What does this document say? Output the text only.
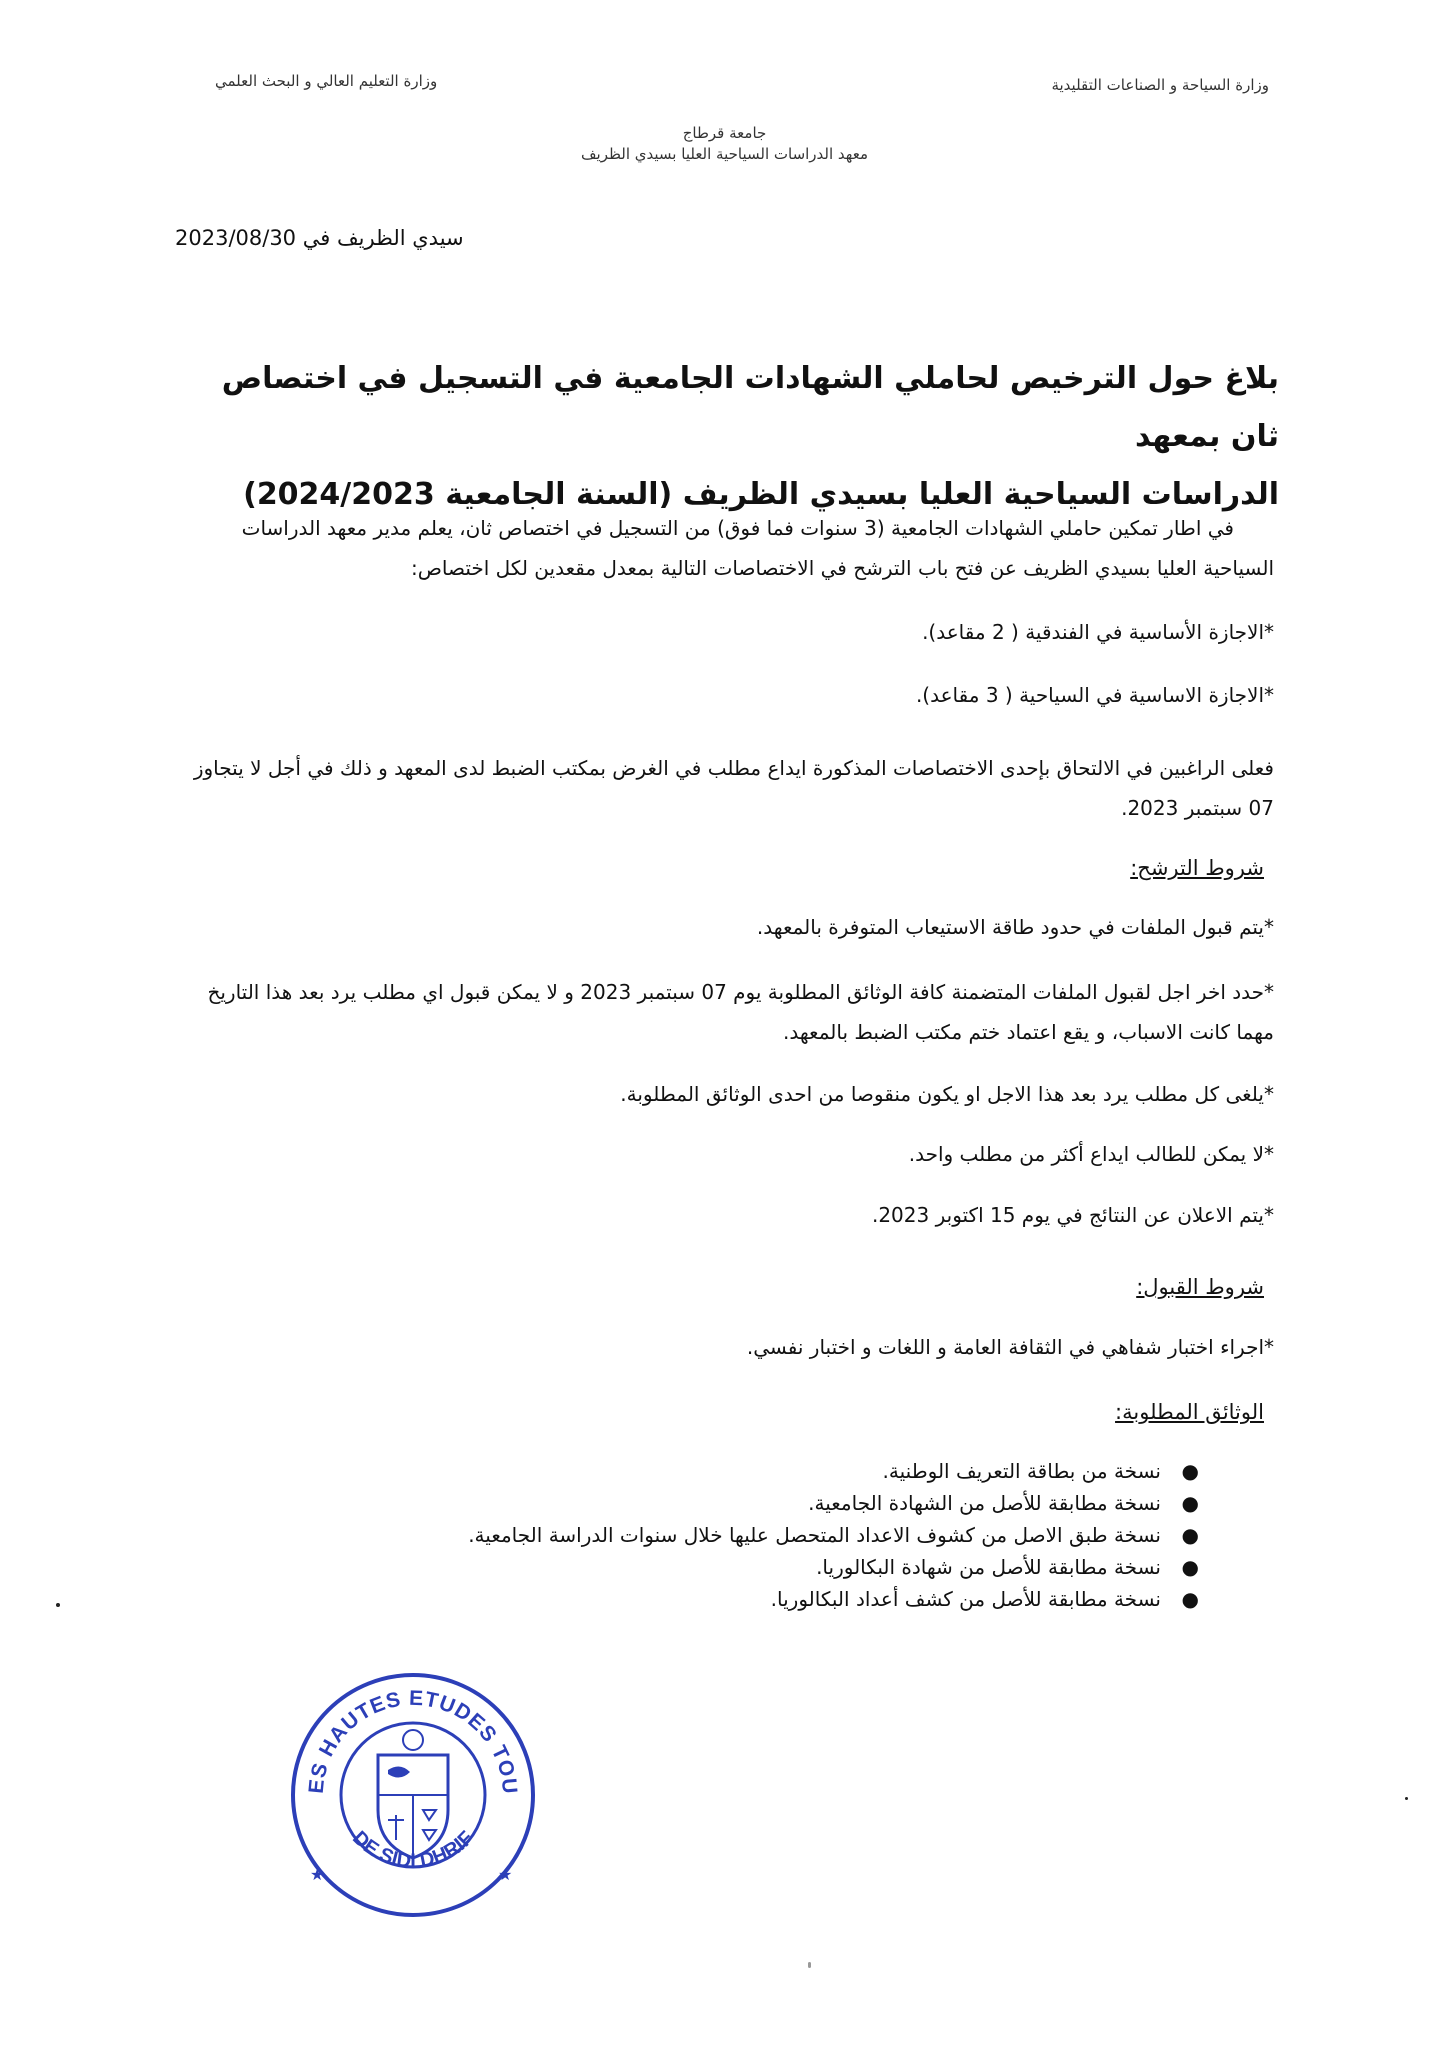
وزارة السياحة و الصناعات التقليدية
وزارة التعليم العالي و البحث العلمي
جامعة قرطاج
معهد الدراسات السياحية العليا بسيدي الظريف
سيدي الظريف في 2023/08/30
بلاغ حول الترخيص لحاملي الشهادات الجامعية في التسجيل في اختصاص ثان بمعهد
الدراسات السياحية العليا بسيدي الظريف (السنة الجامعية 2024/2023)
في اطار تمكين حاملي الشهادات الجامعية (3 سنوات فما فوق) من التسجيل في اختصاص ثان، يعلم مدير معهد الدراسات السياحية العليا بسيدي الظريف عن فتح باب الترشح في الاختصاصات التالية بمعدل مقعدين لكل اختصاص:
*الاجازة الأساسية في الفندقية ( 2 مقاعد).
*الاجازة الاساسية في السياحية ( 3 مقاعد).
فعلى الراغبين في الالتحاق بإحدى الاختصاصات المذكورة ايداع مطلب في الغرض بمكتب الضبط لدى المعهد و ذلك في أجل لا يتجاوز 07 سبتمبر 2023.
شروط الترشح:
*يتم قبول الملفات في حدود طاقة الاستيعاب المتوفرة بالمعهد.
*حدد اخر اجل لقبول الملفات المتضمنة كافة الوثائق المطلوبة يوم 07 سبتمبر 2023 و لا يمكن قبول اي مطلب يرد بعد هذا التاريخ مهما كانت الاسباب، و يقع اعتماد ختم مكتب الضبط بالمعهد.
*يلغى كل مطلب يرد بعد هذا الاجل او يكون منقوصا من احدى الوثائق المطلوبة.
*لا يمكن للطالب ايداع أكثر من مطلب واحد.
*يتم الاعلان عن النتائج في يوم 15 اكتوبر 2023.
شروط القبول:
*اجراء اختبار شفاهي في الثقافة العامة و اللغات و اختبار نفسي.
الوثائق المطلوبة:
●
نسخة من بطاقة التعريف الوطنية.
●
نسخة مطابقة للأصل من الشهادة الجامعية.
●
نسخة طبق الاصل من كشوف الاعداد المتحصل عليها خلال سنوات الدراسة الجامعية.
●
نسخة مطابقة للأصل من شهادة البكالوريا.
●
نسخة مطابقة للأصل من كشف أعداد البكالوريا.
ES HAUTES ETUDES TOU
DE SIDI DHRIF
★	★
